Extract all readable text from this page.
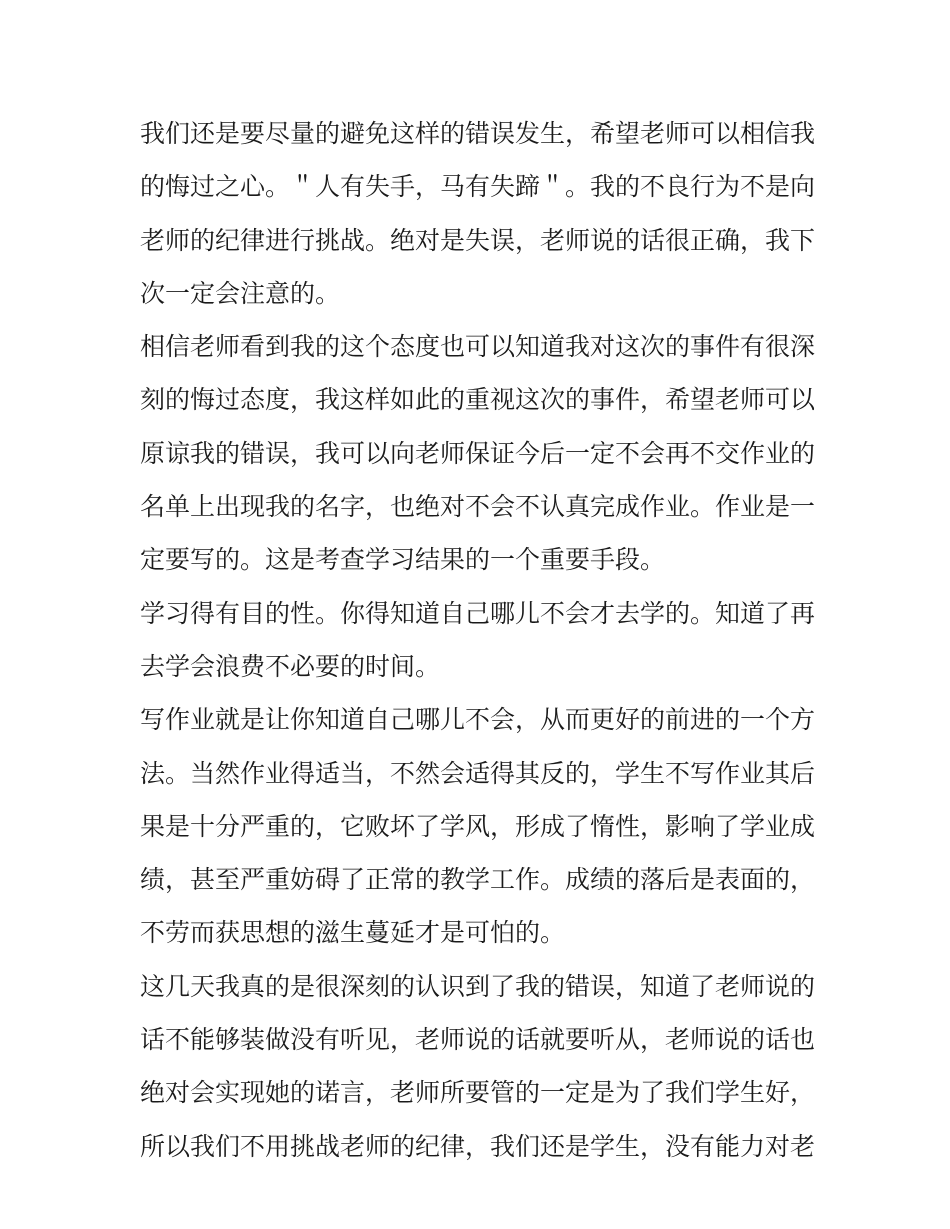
我们还是要尽量的避免这样的错误发生，希望老师可以相信我
的悔过之心。＂人有失手，马有失蹄＂。我的不良行为不是向
老师的纪律进行挑战。绝对是失误，老师说的话很正确，我下
次一定会注意的。
相信老师看到我的这个态度也可以知道我对这次的事件有很深
刻的悔过态度，我这样如此的重视这次的事件，希望老师可以
原谅我的错误，我可以向老师保证今后一定不会再不交作业的
名单上出现我的名字，也绝对不会不认真完成作业。作业是一
定要写的。这是考查学习结果的一个重要手段。
学习得有目的性。你得知道自己哪儿不会才去学的。知道了再
去学会浪费不必要的时间。
写作业就是让你知道自己哪儿不会，从而更好的前进的一个方
法。当然作业得适当，不然会适得其反的，学生不写作业其后
果是十分严重的，它败坏了学风，形成了惰性，影响了学业成
绩，甚至严重妨碍了正常的教学工作。成绩的落后是表面的，
不劳而获思想的滋生蔓延才是可怕的。
这几天我真的是很深刻的认识到了我的错误，知道了老师说的
话不能够装做没有听见，老师说的话就要听从，老师说的话也
绝对会实现她的诺言，老师所要管的一定是为了我们学生好，
所以我们不用挑战老师的纪律，我们还是学生，没有能力对老
